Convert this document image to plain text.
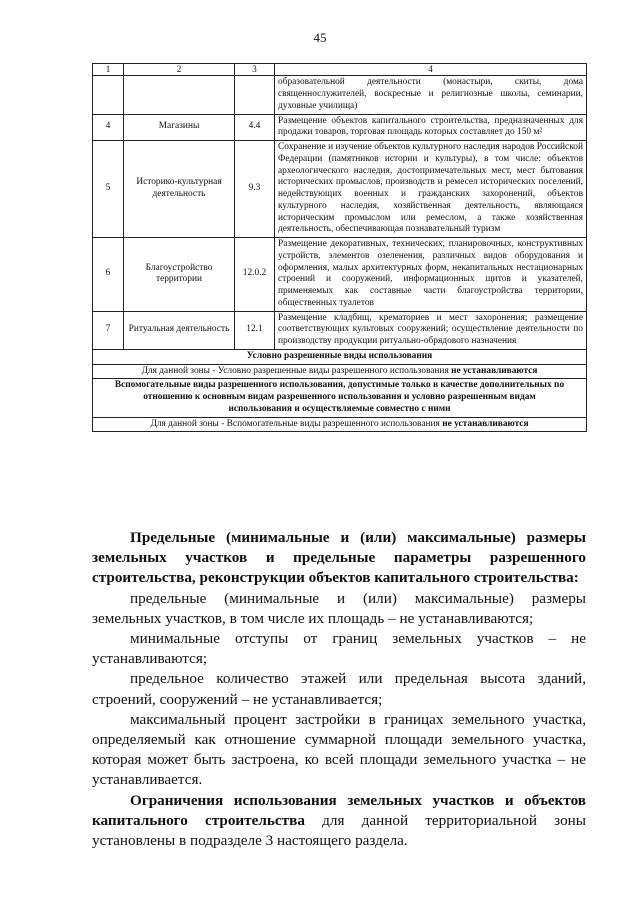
45
1	2	3	4
			образовательной деятельности (монастыри, скиты, дома священнослужителей, воскресные и религиозные школы, семинарии, духовные училища)
4	Магазины	4.4	Размещение объектов капитального строительства, предназначенных для продажи товаров, торговая площадь которых составляет до 150 м²
5	Историко-культурная деятельность	9.3	Сохранение и изучение объектов культурного наследия народов Российской Федерации (памятников истории и культуры), в том числе: объектов археологического наследия, достопримечательных мест, мест бытования исторических промыслов, производств и ремесел исторических поселений, недействующих военных и гражданских захоронений, объектов культурного наследия, хозяйственная деятельность, являющаяся историческим промыслом или ремеслом, а также хозяйственная деятельность, обеспечивающая познавательный туризм
6	Благоустройство территории	12.0.2	Размещение декоративных, технических, планировочных, конструктивных устройств, элементов озеленения, различных видов оборудования и оформления, малых архитектурных форм, некапитальных нестационарных строений и сооружений, информационных щитов и указателей, применяемых как составные части благоустройства территории, общественных туалетов
7	Ритуальная деятельность	12.1	Размещение кладбищ, крематориев и мест захоронения; размещение соответствующих культовых сооружений; осуществление деятельности по производству продукции ритуально-обрядового назначения
Условно разрешенные виды использования			
Для данной зоны - Условно разрешенные виды разрешенного использования не устанавливаются			
Вспомогательные виды разрешенного использования, допустимые только в качестве дополнительных по отношению к основным видам разрешенного использования и условно разрешенным видам использования и осуществляемые совместно с ними			
Для данной зоны - Вспомогательные виды разрешенного использования не устанавливаются			

Предельные (минимальные и (или) максимальные) размеры земельных участков и предельные параметры разрешенного строительства, реконструкции объектов капитального строительства:

предельные (минимальные и (или) максимальные) размеры земельных участков, в том числе их площадь – не устанавливаются;

минимальные отступы от границ земельных участков – не устанавливаются;

предельное количество этажей или предельная высота зданий, строений, сооружений – не устанавливается;

максимальный процент застройки в границах земельного участка, определяемый как отношение суммарной площади земельного участка, которая может быть застроена, ко всей площади земельного участка – не устанавливается.

Ограничения использования земельных участков и объектов капитального строительства для данной территориальной зоны установлены в подразделе 3 настоящего раздела.
